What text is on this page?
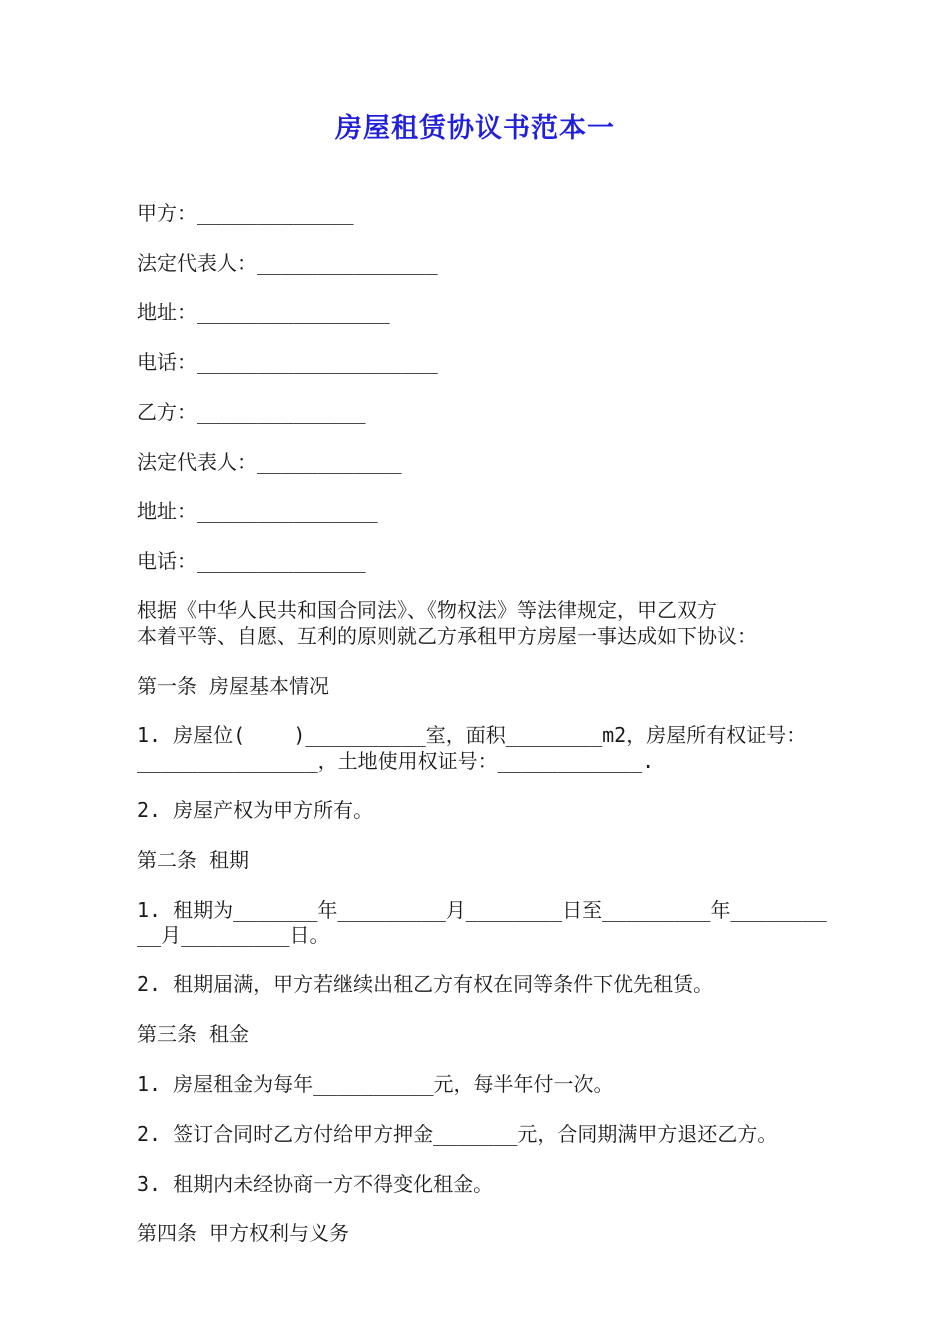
房屋租赁协议书范本一
甲方：_____________
法定代表人：_______________
地址：________________
电话：____________________
乙方：______________
法定代表人：____________
地址：_______________
电话：______________
根据《中华人民共和国合同法》、《物权法》等法律规定，甲乙双方
本着平等、自愿、互利的原则就乙方承租甲方房屋一事达成如下协议：
第一条 房屋基本情况
1. 房屋位(    )__________室，面积________m2，房屋所有权证号：
_______________，土地使用权证号：____________.
2. 房屋产权为甲方所有。
第二条 租期
1. 租期为_______年_________月________日至_________年________
__月_________日。
2. 租期届满，甲方若继续出租乙方有权在同等条件下优先租赁。
第三条 租金
1. 房屋租金为每年__________元，每半年付一次。
2. 签订合同时乙方付给甲方押金_______元，合同期满甲方退还乙方。
3. 租期内未经协商一方不得变化租金。
第四条 甲方权利与义务
